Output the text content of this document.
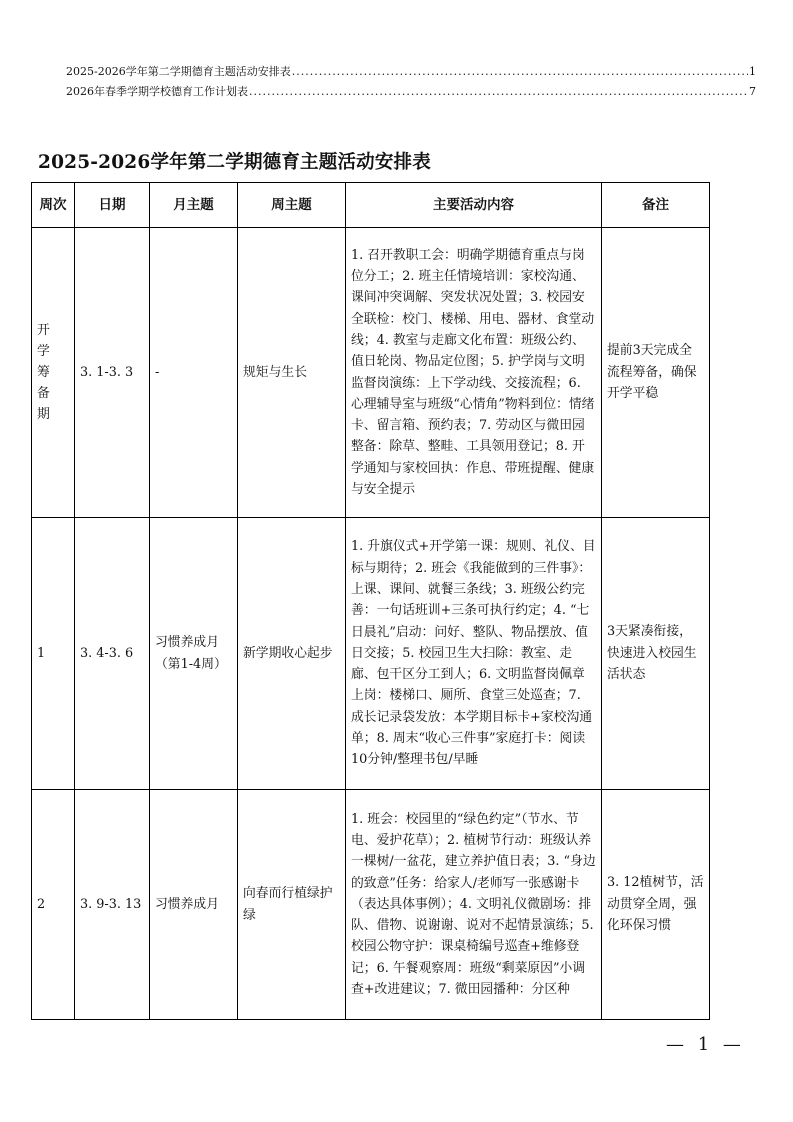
2025-2026学年第二学期德育主题活动安排表 .....	1
2026年春季学期学校德育工作计划表 .....	7
2025-2026学年第二学期德育主题活动安排表
周次	日期	月主题	周主题	主要活动内容	备注
开学筹备期	3. 1-3. 3	-	规矩与生长	1. 召开教职工会：明确学期德育重点与岗位分工；2. 班主任情境培训：家校沟通、课间冲突调解、突发状况处置；3. 校园安全联检：校门、楼梯、用电、器材、食堂动线；4. 教室与走廊文化布置：班级公约、值日轮岗、物品定位图；5. 护学岗与文明监督岗演练：上下学动线、交接流程；6. 心理辅导室与班级“心情角”物料到位：情绪卡、留言箱、预约表；7. 劳动区与微田园整备：除草、整畦、工具领用登记；8. 开学通知与家校回执：作息、带班提醒、健康与安全提示	提前3天完成全流程筹备，确保开学平稳
1	3. 4-3. 6	习惯养成月（第1-4周）	新学期收心起步	1. 升旗仪式+开学第一课：规则、礼仪、目标与期待；2. 班会《我能做到的三件事》：上课、课间、就餐三条线；3. 班级公约完善：一句话班训+三条可执行约定；4. “七日晨礼”启动：问好、整队、物品摆放、值日交接；5. 校园卫生大扫除：教室、走廊、包干区分工到人；6. 文明监督岗佩章上岗：楼梯口、厕所、食堂三处巡查；7. 成长记录袋发放：本学期目标卡+家校沟通单；8. 周末“收心三件事”家庭打卡：阅读10分钟/整理书包/早睡	3天紧凑衔接，快速进入校园生活状态
2	3. 9-3. 13	习惯养成月	向春而行植绿护绿	1. 班会：校园里的“绿色约定”（节水、节电、爱护花草）；2. 植树节行动：班级认养一棵树/一盆花，建立养护值日表；3. “身边的致意”任务：给家人/老师写一张感谢卡（表达具体事例）；4. 文明礼仪微剧场：排队、借物、说谢谢、说对不起情景演练；5. 校园公物守护：课桌椅编号巡查+维修登记；6. 午餐观察周：班级“剩菜原因”小调查+改进建议；7. 微田园播种：分区种	3. 12植树节，活动贯穿全周，强化环保习惯
— 1 —
